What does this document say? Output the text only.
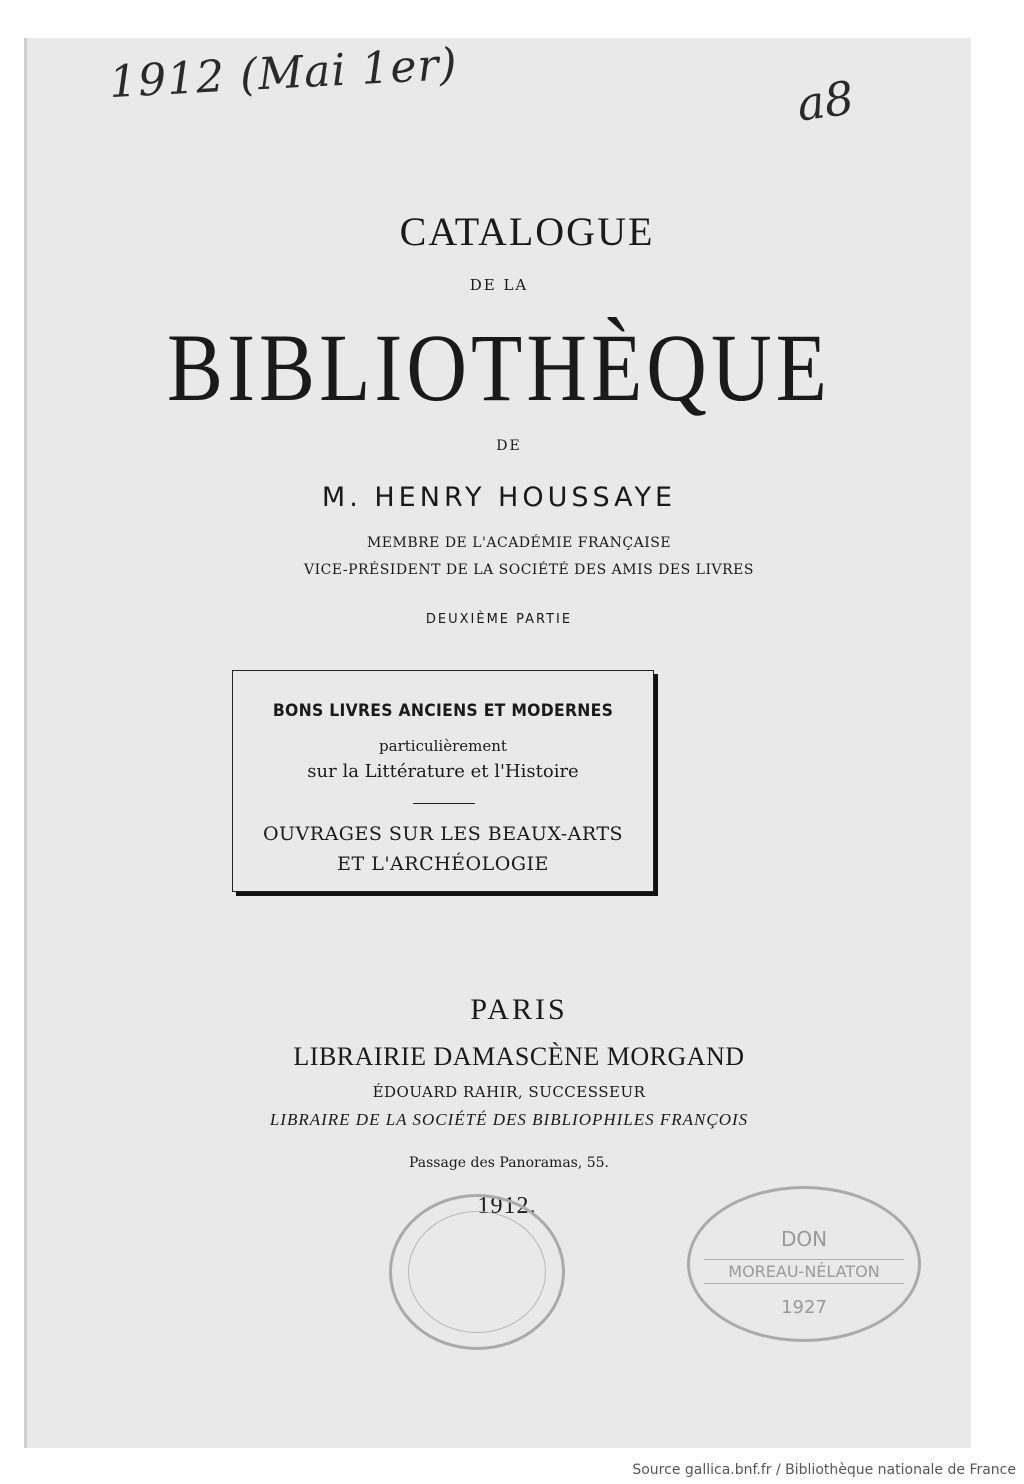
1912 (Mai 1er)	a8
CATALOGUE
DE LA
BIBLIOTHÈQUE
DE
M. HENRY HOUSSAYE
MEMBRE DE L'ACADÉMIE FRANÇAISE
VICE-PRÉSIDENT DE LA SOCIÉTÉ DES AMIS DES LIVRES
DEUXIÈME PARTIE
BONS LIVRES ANCIENS ET MODERNES
particulièrement
sur la Littérature et l'Histoire
OUVRAGES SUR LES BEAUX-ARTS
ET L'ARCHÉOLOGIE
PARIS
LIBRAIRIE DAMASCÈNE MORGAND
ÉDOUARD RAHIR, SUCCESSEUR
LIBRAIRE DE LA SOCIÉTÉ DES BIBLIOPHILES FRANÇOIS
Passage des Panoramas, 55.
1912.
DON
MOREAU-NÉLATON
1927
Source gallica.bnf.fr / Bibliothèque nationale de France
